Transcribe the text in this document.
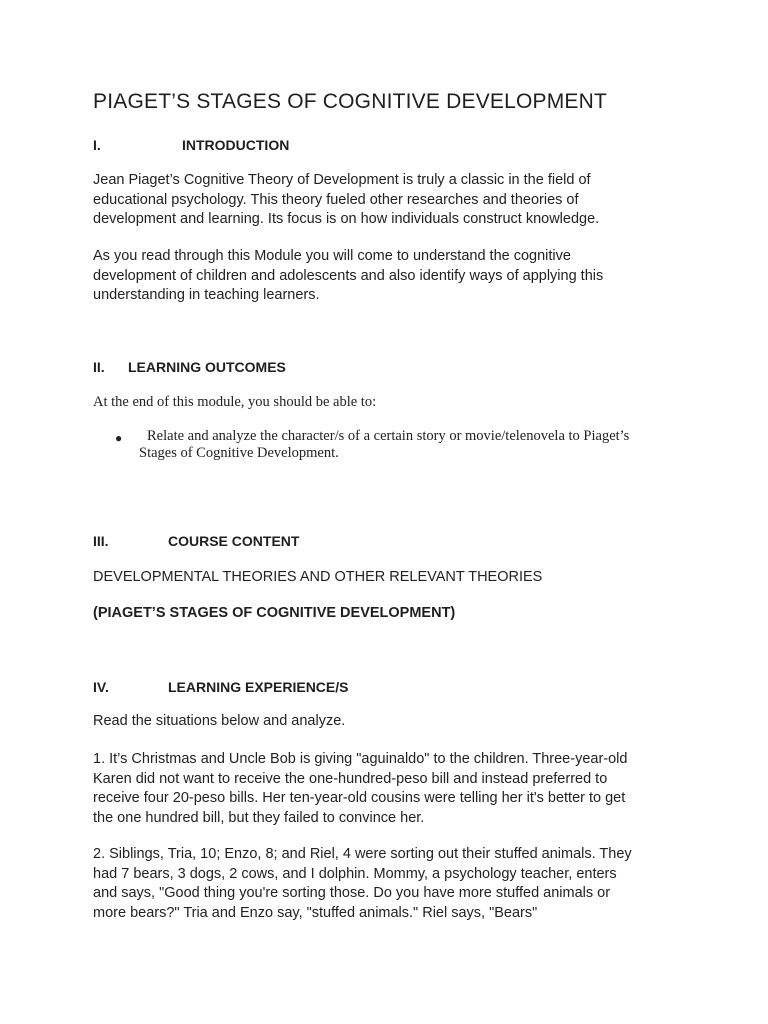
PIAGET’S STAGES OF COGNITIVE DEVELOPMENT
I.	INTRODUCTION
Jean Piaget’s Cognitive Theory of Development is truly a classic in the field of
educational psychology. This theory fueled other researches and theories of
development and learning. Its focus is on how individuals construct knowledge.
As you read through this Module you will come to understand the cognitive
development of children and adolescents and also identify ways of applying this
understanding in teaching learners.
II. LEARNING OUTCOMES
At the end of this module, you should be able to:
●	Relate and analyze the character/s of a certain story or movie/telenovela to Piaget’s
Stages of Cognitive Development.
III.	COURSE CONTENT
DEVELOPMENTAL THEORIES AND OTHER RELEVANT THEORIES
(PIAGET’S STAGES OF COGNITIVE DEVELOPMENT)
IV.	LEARNING EXPERIENCE/S
Read the situations below and analyze.
1. It’s Christmas and Uncle Bob is giving "aguinaldo" to the children. Three-year-old
Karen did not want to receive the one-hundred-peso bill and instead preferred to
receive four 20-peso bills. Her ten-year-old cousins were telling her it's better to get
the one hundred bill, but they failed to convince her.
2. Siblings, Tria, 10; Enzo, 8; and Riel, 4 were sorting out their stuffed animals. They
had 7 bears, 3 dogs, 2 cows, and I dolphin. Mommy, a psychology teacher, enters
and says, "Good thing you're sorting those. Do you have more stuffed animals or
more bears?" Tria and Enzo say, "stuffed animals." Riel says, "Bears"
